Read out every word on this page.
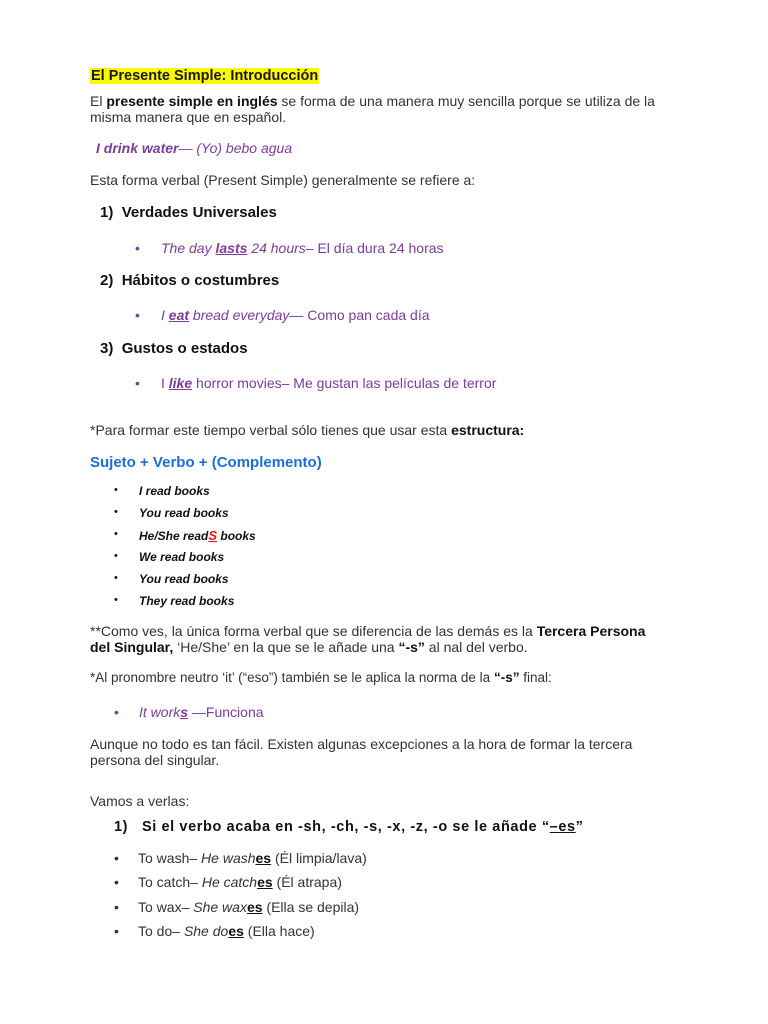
El Presente Simple: Introducción
El presente simple en inglés se forma de una manera muy sencilla porque se utiliza de la
misma manera que en español.
I drink water— (Yo) bebo agua
Esta forma verbal (Present Simple) generalmente se refiere a:
1) Verdades Universales
• The day lasts 24 hours– El día dura 24 horas
2) Hábitos o costumbres
• I eat bread everyday— Como pan cada día
3) Gustos o estados
• I like horror movies– Me gustan las películas de terror
*Para formar este tiempo verbal sólo tienes que usar esta estructura:
Sujeto + Verbo + (Complemento)
• I read books
• You read books
• He/She readS books
• We read books
• You read books
• They read books
**Como ves, la única forma verbal que se diferencia de las demás es la Tercera Persona
del Singular, ‘He/She’ en la que se le añade una “-s” al nal del verbo.
*Al pronombre neutro ‘it’ (“eso”) también se le aplica la norma de la “-s” final:
• It works —Funciona
Aunque no todo es tan fácil. Existen algunas excepciones a la hora de formar la tercera
persona del singular.
Vamos a verlas:
1) Si el verbo acaba en -sh, -ch, -s, -x, -z, -o se le añade “–es”
• To wash– He washes (Él limpia/lava)
• To catch– He catches (Él atrapa)
• To wax– She waxes (Ella se depila)
• To do– She does (Ella hace)
